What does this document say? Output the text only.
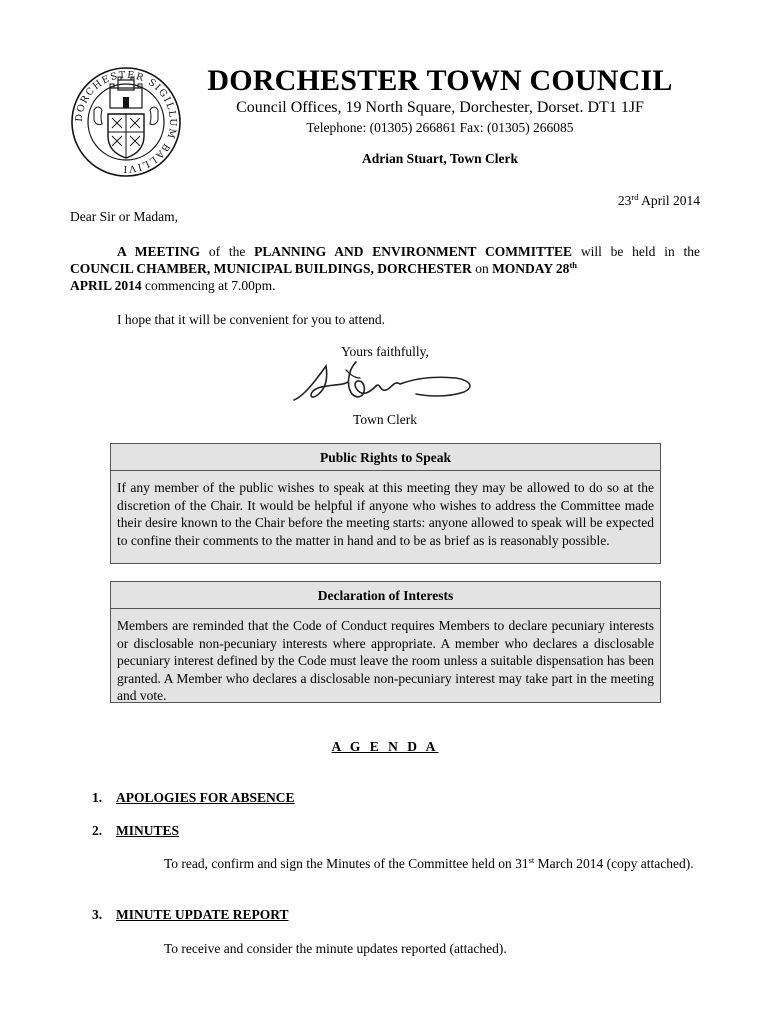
DORCHESTER SIGILLUM BALLIVI
DORCHESTER TOWN COUNCIL
Council Offices, 19 North Square, Dorchester, Dorset. DT1 1JF
Telephone: (01305) 266861 Fax: (01305) 266085
Adrian Stuart, Town Clerk
23rd April 2014
Dear Sir or Madam,
A MEETING of the PLANNING AND ENVIRONMENT COMMITTEE will be held in the COUNCIL CHAMBER, MUNICIPAL BUILDINGS, DORCHESTER on MONDAY 28th
APRIL 2014 commencing at 7.00pm.
I hope that it will be convenient for you to attend.
Yours faithfully,
Town Clerk
Public Rights to Speak
If any member of the public wishes to speak at this meeting they may be allowed to do so at the discretion of the Chair. It would be helpful if anyone who wishes to address the Committee made their desire known to the Chair before the meeting starts: anyone allowed to speak will be expected to confine their comments to the matter in hand and to be as brief as is reasonably possible.
Declaration of Interests
Members are reminded that the Code of Conduct requires Members to declare pecuniary interests or disclosable non-pecuniary interests where appropriate. A member who declares a disclosable pecuniary interest defined by the Code must leave the room unless a suitable dispensation has been granted. A Member who declares a disclosable non-pecuniary interest may take part in the meeting and vote.
A G E N D A
1. APOLOGIES FOR ABSENCE
2. MINUTES
To read, confirm and sign the Minutes of the Committee held on 31st March 2014 (copy attached).
3. MINUTE UPDATE REPORT
To receive and consider the minute updates reported (attached).
